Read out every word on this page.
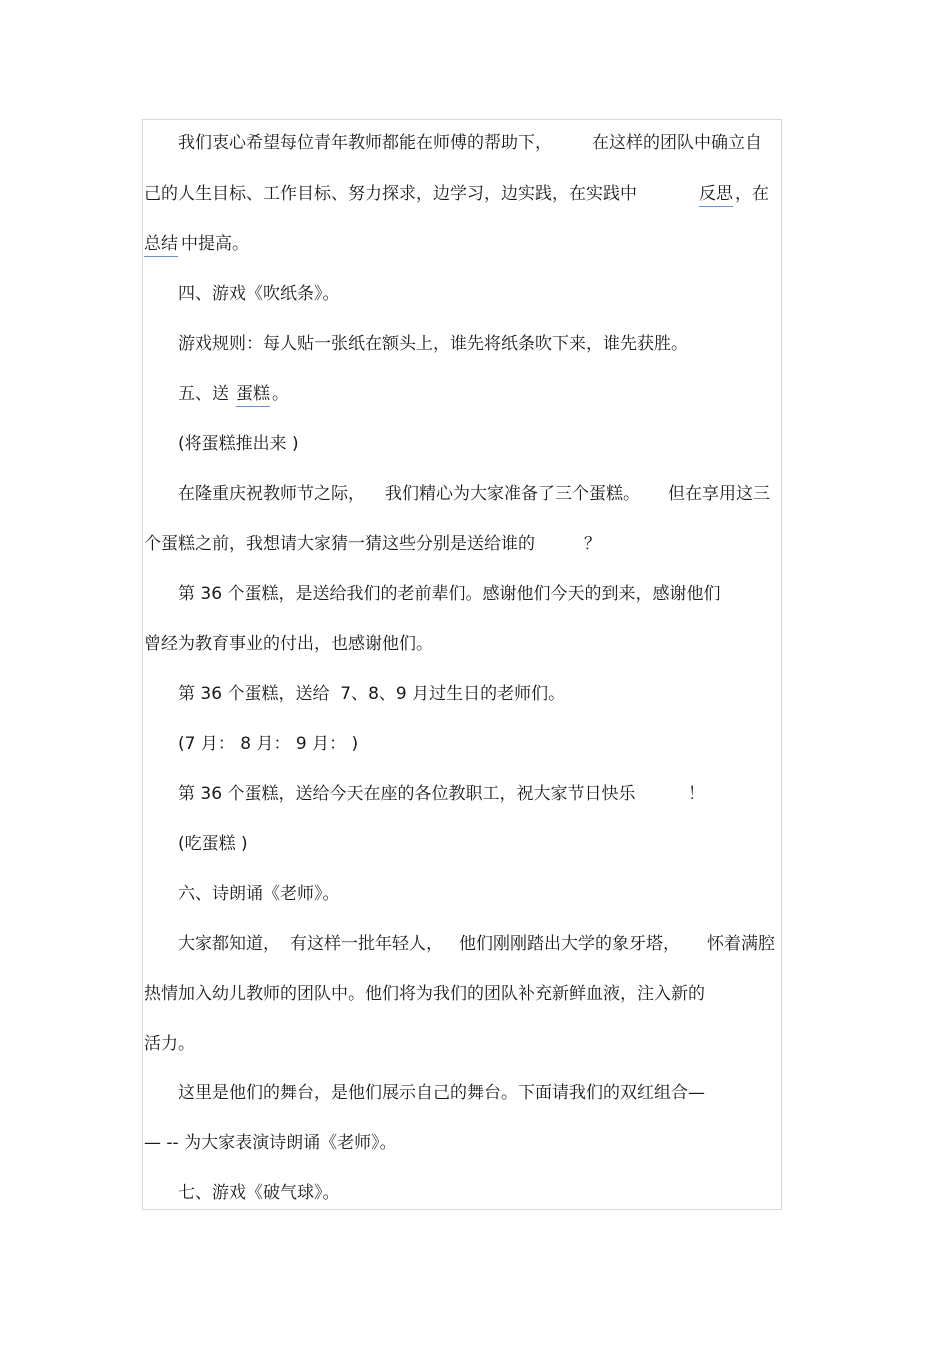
我们衷心希望每位青年教师都能在师傅的帮助下， 在这样的团队中确立自
己的人生目标、工作目标、努力探求，边学习，边实践，在实践中	反思 ，在
总结 中提高。
四、游戏《吹纸条》。
游戏规则：每人贴一张纸在额头上，谁先将纸条吹下来，谁先获胜。
五、送 蛋糕 。
(将蛋糕推出来 )
在隆重庆祝教师节之际， 我们精心为大家准备了三个蛋糕。 但在享用这三
个蛋糕之前，我想请大家猜一猜这些分别是送给谁的	？
第 36 个蛋糕，是送给我们的老前辈们。感谢他们今天的到来，感谢他们
曾经为教育事业的付出，也感谢他们。
第 36 个蛋糕，送给  7、8、9 月过生日的老师们。
(7 月： 8 月： 9 月： )
第 36 个蛋糕，送给今天在座的各位教职工，祝大家节日快乐	！
(吃蛋糕 )
六、诗朗诵《老师》。
大家都知道， 有这样一批年轻人， 他们刚刚踏出大学的象牙塔， 怀着满腔
热情加入幼儿教师的团队中。他们将为我们的团队补充新鲜血液，注入新的
活力。
这里是他们的舞台，是他们展示自己的舞台。下面请我们的双红组合—
— -- 为大家表演诗朗诵《老师》。
七、游戏《破气球》。
